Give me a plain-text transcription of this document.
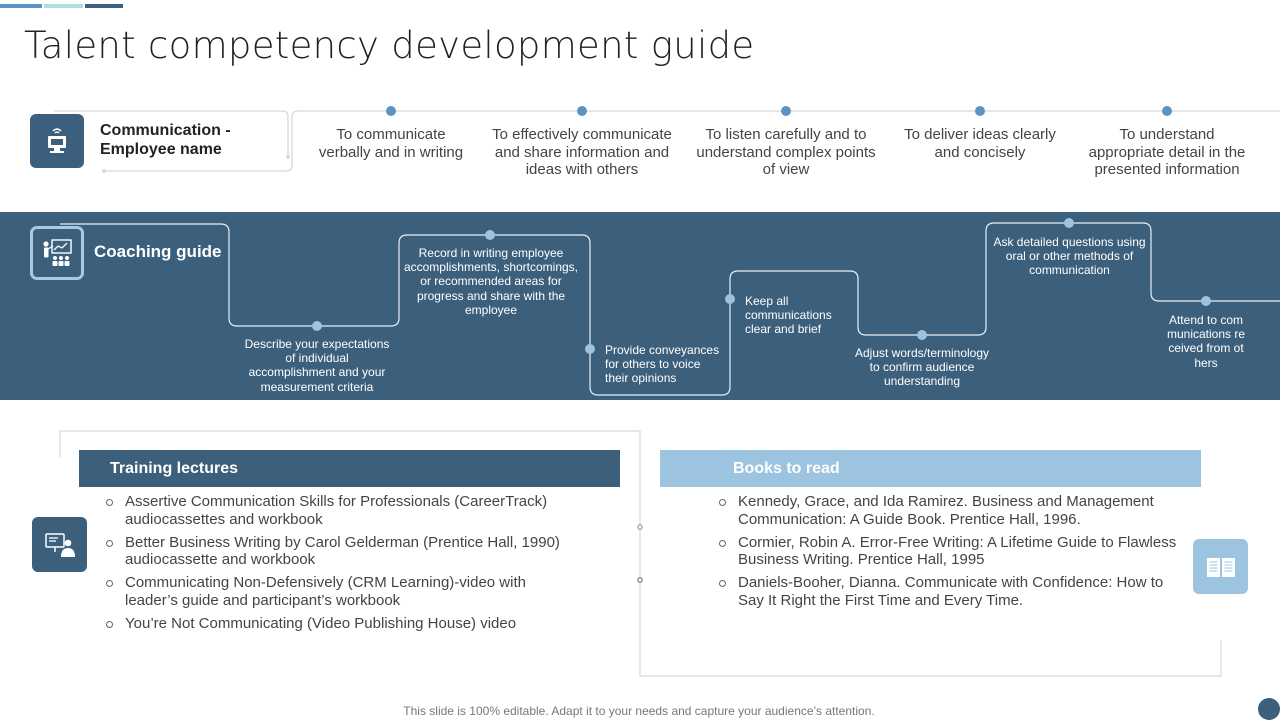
Talent competency development guide
Communication - Employee name
To communicate verbally and in writing
To effectively communicate and share information and ideas with others
To listen carefully and to understand complex points of view
To deliver ideas clearly and concisely
To understand appropriate detail in the presented information
Coaching guide
Describe your expectations of individual accomplishment and your measurement criteria
Record in writing employee accomplishments, shortcomings, or recommended areas for progress and share with the employee
Provide conveyances for others to voice their opinions
Keep all communications clear and brief
Adjust words/terminology to confirm audience understanding
Ask detailed questions using oral or other methods of communication
Attend to communications received from others
Training lectures
Assertive Communication Skills for Professionals (CareerTrack) audiocassettes and workbook
Better Business Writing by Carol Gelderman (Prentice Hall, 1990) audiocassette and workbook
Communicating Non-Defensively (CRM Learning)-video with leader’s guide and participant’s workbook
You’re Not Communicating (Video Publishing House) video
Books to read
Kennedy, Grace, and Ida Ramirez. Business and Management Communication: A Guide Book. Prentice Hall, 1996.
Cormier, Robin A. Error-Free Writing: A Lifetime Guide to Flawless Business Writing. Prentice Hall, 1995
Daniels-Booher, Dianna. Communicate with Confidence: How to Say It Right the First Time and Every Time.
This slide is 100% editable. Adapt it to your needs and capture your audience’s attention.
